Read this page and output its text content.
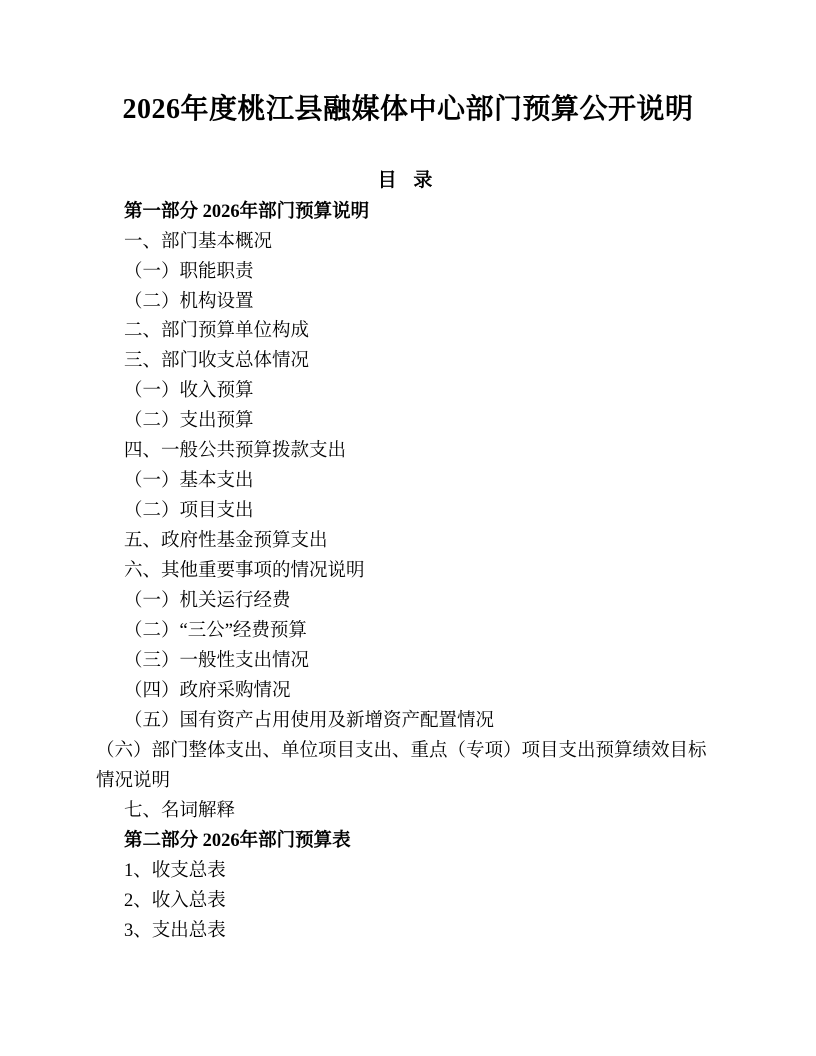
2026年度桃江县融媒体中心部门预算公开说明
目 录
第一部分 2026年部门预算说明
一、部门基本概况
（一）职能职责
（二）机构设置
二、部门预算单位构成
三、部门收支总体情况
（一）收入预算
（二）支出预算
四、一般公共预算拨款支出
（一）基本支出
（二）项目支出
五、政府性基金预算支出
六、其他重要事项的情况说明
（一）机关运行经费
（二）“三公”经费预算
（三）一般性支出情况
（四）政府采购情况
（五）国有资产占用使用及新增资产配置情况
（六）部门整体支出、单位项目支出、重点（专项）项目支出预算绩效目标情况说明
七、名词解释
第二部分 2026年部门预算表
1、收支总表
2、收入总表
3、支出总表
